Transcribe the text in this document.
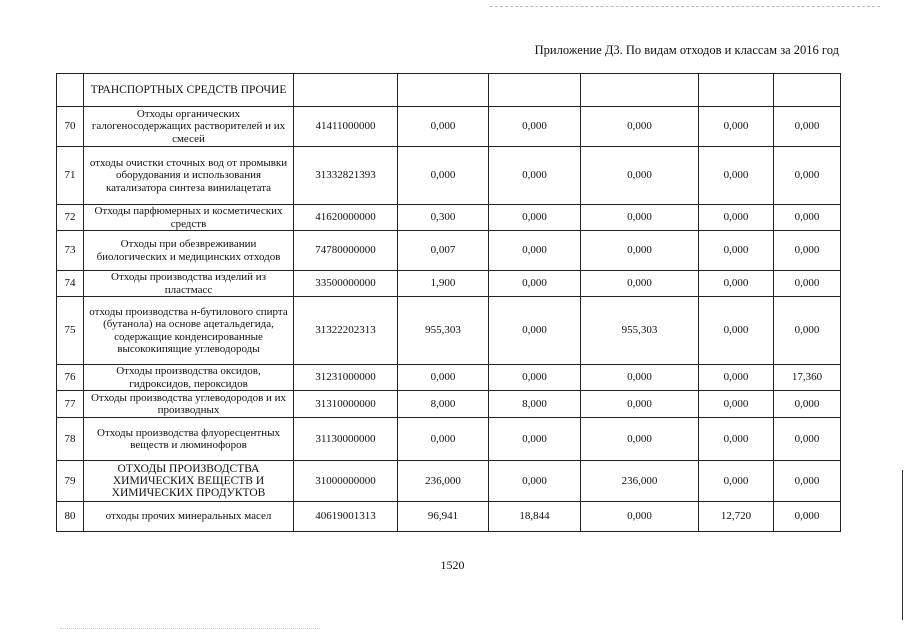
Приложение Д3. По видам отходов и классам за 2016 год
	ТРАНСПОРТНЫХ СРЕДСТВ ПРОЧИЕ						
70	Отходы органических галогеносодержащих растворителей и их смесей	41411000000	0,000	0,000	0,000	0,000	0,000
71	отходы очистки сточных вод от промывки оборудования и использования катализатора синтеза винилацетата	31332821393	0,000	0,000	0,000	0,000	0,000
72	Отходы парфюмерных и косметических средств	41620000000	0,300	0,000	0,000	0,000	0,000
73	Отходы при обезвреживании биологических и медицинских отходов	74780000000	0,007	0,000	0,000	0,000	0,000
74	Отходы производства изделий из пластмасс	33500000000	1,900	0,000	0,000	0,000	0,000
75	отходы производства н-бутилового спирта (бутанола) на основе ацетальдегида, содержащие конденсированные высококипящие углеводороды	31322202313	955,303	0,000	955,303	0,000	0,000
76	Отходы производства оксидов, гидроксидов, пероксидов	31231000000	0,000	0,000	0,000	0,000	17,360
77	Отходы производства углеводородов и их производных	31310000000	8,000	8,000	0,000	0,000	0,000
78	Отходы производства флуоресцентных веществ и люминофоров	31130000000	0,000	0,000	0,000	0,000	0,000
79	ОТХОДЫ ПРОИЗВОДСТВА ХИМИЧЕСКИХ ВЕЩЕСТВ И ХИМИЧЕСКИХ ПРОДУКТОВ	31000000000	236,000	0,000	236,000	0,000	0,000
80	отходы прочих минеральных масел	40619001313	96,941	18,844	0,000	12,720	0,000
1520
